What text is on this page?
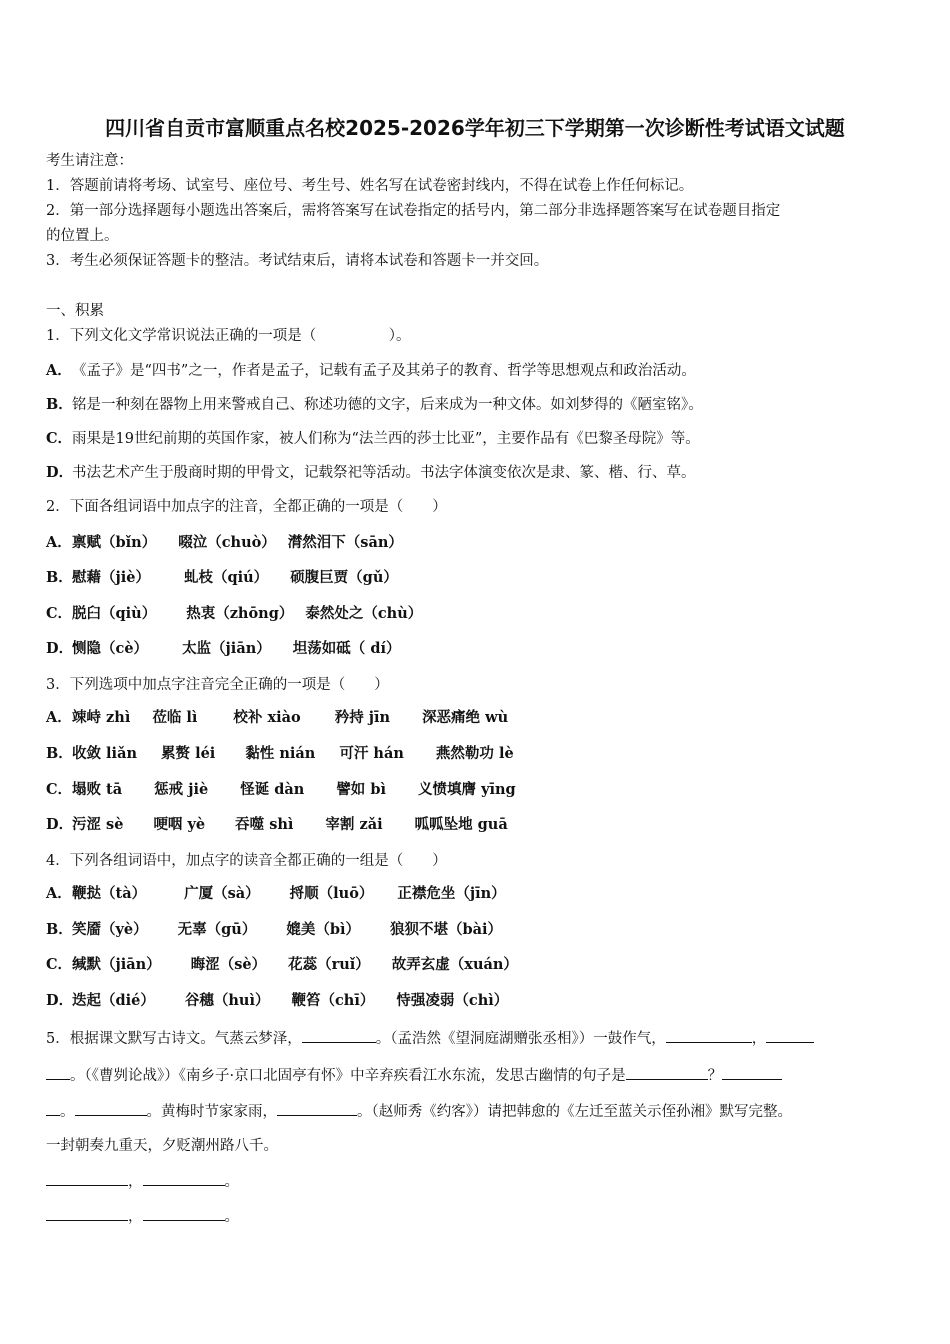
四川省自贡市富顺重点名校2025-2026学年初三下学期第一次诊断性考试语文试题
考生请注意：
1．答题前请将考场、试室号、座位号、考生号、姓名写在试卷密封线内，不得在试卷上作任何标记。
2．第一部分选择题每小题选出答案后，需将答案写在试卷指定的括号内，第二部分非选择题答案写在试卷题目指定
的位置上。
3．考生必须保证答题卡的整洁。考试结束后，请将本试卷和答题卡一并交回。
一、积累
1．下列文化文学常识说法正确的一项是（　　　　　）。
A．《孟子》是“四书”之一，作者是孟子，记载有孟子及其弟子的教育、哲学等思想观点和政治活动。
B．铭是一种刻在器物上用来警戒自己、称述功德的文字，后来成为一种文体。如刘梦得的《陋室铭》。
C．雨果是19世纪前期的英国作家，被人们称为“法兰西的莎士比亚”，主要作品有《巴黎圣母院》等。
D．书法艺术产生于殷商时期的甲骨文，记载祭祀等活动。书法字体演变依次是隶、篆、楷、行、草。
2．下面各组词语中加点字的注音，全都正确的一项是（　　）
A．禀赋（bǐn） 啜泣（chuò） 潸然泪下（sān）
B．慰藉（jiè） 虬枝（qiú） 硕腹巨贾（gǔ）
C．脱臼（qiù） 热衷（zhōng） 泰然处之（chù）
D．恻隐（cè） 太监（jiān） 坦荡如砥（ dí）
3．下列选项中加点字注音完全正确的一项是（　　）
A．竦峙 zhì 莅临 lì 校补 xiào 矜持 jīn 深恶痛绝 wù
B．收敛 liǎn 累赘 léi 黏性 nián 可汗 hán 燕然勒功 lè
C．塌败 tā 惩戒 jiè 怪诞 dàn 譬如 bì 义愤填膺 yīng
D．污涩 sè 哽咽 yè 吞噬 shì 宰割 zǎi 呱呱坠地 guā
4．下列各组词语中，加点字的读音全都正确的一组是（　　）
A．鞭挞（tà）	广厦（sà） 捋顺（luō） 正襟危坐（jīn）
B．笑靥（yè） 无辜（gū） 媲美（bì） 狼狈不堪（bài）
C．缄默（jiān） 晦涩（sè） 花蕊（ruǐ） 故弄玄虚（xuán）
D．迭起（dié） 谷穗（huì） 鞭笞（chī） 恃强凌弱（chì）
5．根据课文默写古诗文。气蒸云梦泽，	。（孟浩然《望洞庭湖赠张丞相》）一鼓作气，	，
。（《曹刿论战》）《南乡子·京口北固亭有怀》中辛弃疾看江水东流，发思古幽情的句子是	？
。	。黄梅时节家家雨，	。（赵师秀《约客》）请把韩愈的《左迁至蓝关示侄孙湘》默写完整。
一封朝奏九重天，夕贬潮州路八千。
，	。
，	。
